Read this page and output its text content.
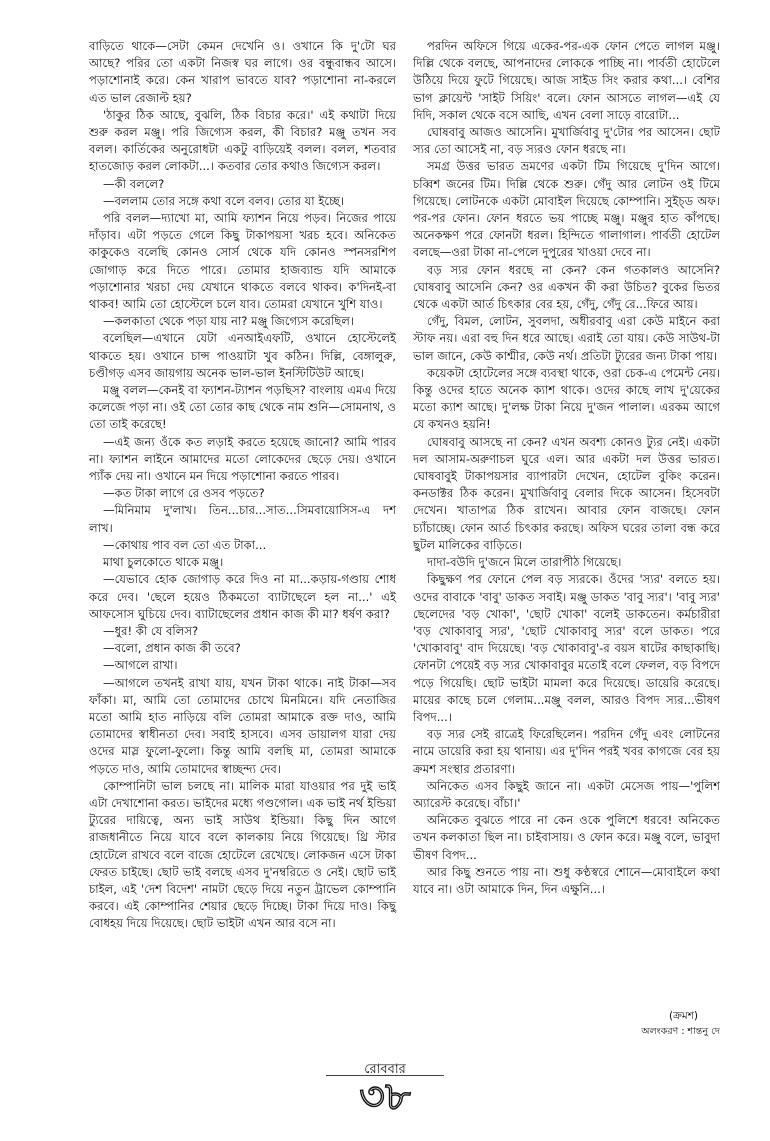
বাড়িতে থাকে—সেটা কেমন দেখেনি ও। ওখানে কি দু'টো ঘর আছে? পরির তো একটা নিজস্ব ঘর লাগে। ওর বন্ধুবান্ধব আসে। পড়াশোনাই করে। কেন খারাপ ভাবতে যাব? পড়াশোনা না-করলে এত ভাল রেজাল্ট হয়?

'ঠাকুর ঠিক আছে, বুঝলি, ঠিক বিচার করে।' এই কথাটা দিয়ে শুরু করল মঞ্জু। পরি জিগ্যেস করল, কী বিচার? মঞ্জু তখন সব বলল। কার্তিকের অনুরোধটা একটু বাড়িয়েই বলল। বলল, শতবার হাতজোড় করল লোকটা...। কতবার তোর কথাও জিগ্যেস করল।

—কী বললে?

—বললাম তোর সঙ্গে কথা বলে বলব। তোর যা ইচ্ছে।

পরি বলল—দ্যাখো মা, আমি ফ্যাশন নিয়ে পড়ব। নিজের পায়ে দাঁড়াব। এটা পড়তে গেলে কিছু টাকাপয়সা খরচ হবে। অনিকেত কাকুকেও বলেছি কোনও সোর্স থেকে যদি কোনও স্পনসরশিপ জোগাড় করে দিতে পারে। তোমার হাজব্যান্ড যদি আমাকে পড়াশোনার খরচা দেয় যেখানে থাকতে বলবে থাকব। ক'দিনই-বা থাকব! আমি তো হোস্টেলে চলে যাব। তোমরা যেখানে খুশি যাও।

—কলকাতা থেকে পড়া যায় না? মঞ্জু জিগ্যেস করেছিল।

বলেছিল—এখানে যেটা এনআইএফটি, ওখানে হোস্টেলেই থাকতে হয়। ওখানে চান্স পাওয়াটা খুব কঠিন। দিল্লি, বেঙ্গালুরু, চণ্ডীগড় এসব জায়গায় অনেক ভাল-ভাল ইনস্টিটিউট আছে।

মঞ্জু বলল—কেনই বা ফ্যাশন-ট্যাশন পড়ছিস? বাংলায় এমএ দিয়ে কলেজে পড়া না। ওই তো তোর কাছ থেকে নাম শুনি—সোমনাথ, ও তো তাই করেছে!

—এই জন্য ওঁকে কত লড়াই করতে হয়েছে জানো? আমি পারব না। ফ্যাশন লাইনে আমাদের মতো লোকেদের ছেড়ে দেয়। ওখানে প্যাঁক দেয় না। ওখানে মন দিয়ে পড়াশোনা করতে পারব।

—কত টাকা লাগে রে ওসব পড়তে?

—মিনিমাম দু'লাখ। তিন...চার...সাত...সিমবায়োসিস-এ দশ লাখ।

—কোথায় পাব বল তো এত টাকা...

মাথা চুলকোতে থাকে মঞ্জু।

—যেভাবে হোক জোগাড় করে দিও না মা...কড়ায়-গণ্ডায় শোধ করে দেব। 'ছেলে হয়েও ঠিকমতো ব্যাটাছেলে হল না...' এই আফসোস ঘুচিয়ে দেব। ব্যাটাছেলের প্রধান কাজ কী মা? ধর্ষণ করা?

—ধুর! কী যে বলিস?

—বলো, প্রধান কাজ কী তবে?

—আগলে রাখা।

—আগলে তখনই রাখা যায়, যখন টাকা থাকে। নাই টাকা—সব ফাঁকা। মা, আমি তো তোমাদের চোখে মিনমিনে। যদি নেতাজির মতো আমি হাত নাড়িয়ে বলি তোমরা আমাকে রক্ত দাও, আমি তোমাদের স্বাধীনতা দেব। সবাই হাসবে। এসব ডায়ালগ যারা দেয় ওদের মাস্ল ফুলো-ফুলো। কিন্তু আমি বলছি মা, তোমরা আমাকে পড়তে দাও, আমি তোমাদের স্বাচ্ছন্দ্য দেব।

কোম্পানিটা ভাল চলছে না। মালিক মারা যাওয়ার পর দুই ভাই এটা দেখাশোনা করত। ভাইদের মধ্যে গণ্ডগোল। এক ভাই নর্থ ইন্ডিয়া ট্যুরের দায়িত্বে, অন্য ভাই সাউথ ইন্ডিয়া। কিছু দিন আগে রাজধানীতে নিয়ে যাবে বলে কালকায় নিয়ে গিয়েছে। থ্রি স্টার হোটেলে রাখবে বলে বাজে হোটেলে রেখেছে। লোকজন এসে টাকা ফেরত চাইছে। ছোট ভাই বলছে এসব দু'নম্বরিতে ও নেই। ছোট ভাই চাইল, এই 'দেশ বিদেশ' নামটা ছেড়ে দিয়ে নতুন ট্রাভেল কোম্পানি করবে। এই কোম্পানির শেয়ার ছেড়ে দিচ্ছে। টাকা দিয়ে দাও। কিছু বোধহয় দিয়ে দিয়েছে। ছোট ভাইটা এখন আর বসে না।

পরদিন অফিসে গিয়ে একের-পর-এক ফোন পেতে লাগল মঞ্জু। দিল্লি থেকে বলছে, আপনাদের লোককে পাচ্ছি না। পার্বতী হোটেলে উঠিয়ে দিয়ে ফুটে গিয়েছে। আজ সাইড সিং করার কথা...। বেশির ভাগ ক্লায়েন্ট 'সাইট সিয়িং' বলে। ফোন আসতে লাগল—এই যে দিদি, সকাল থেকে বসে আছি, এখন বেলা সাড়ে বারোটা...

ঘোষবাবু আজও আসেনি। মুখার্জিবাবু দু'টোর পর আসেন। ছোট স্যর তো আসেই না, বড় স্যরও ফোন ধরছে না।

সমগ্র উত্তর ভারত ভ্রমণের একটা টিম গিয়েছে দু'দিন আগে। চব্বিশ জনের টিম। দিল্লি থেকে শুরু। গেঁদু আর লোটন ওই টিমে গিয়েছে। লোটনকে একটা মোবাইল দিয়েছে কোম্পানি। সুইচ্ড অফ। পর-পর ফোন। ফোন ধরতে ভয় পাচ্ছে মঞ্জু। মঞ্জুর হাত কাঁপছে। অনেকক্ষণ পরে ফোনটা ধরল। হিন্দিতে গালাগাল। পার্বতী হোটেল বলছে—ওরা টাকা না-পেলে দুপুরের খাওয়া দেবে না।

বড় স্যর ফোন ধরছে না কেন? কেন গতকালও আসেনি? ঘোষবাবু আসেনি কেন? ওর একখন কী করা উচিত? বুকের ভিতর থেকে একটা আর্ত চিৎকার বের হয়, গেঁদু, গেঁদু রে...ফিরে আয়।

গেঁদু, বিমল, লোটন, সুবলদা, অধীরবাবু এরা কেউ মাইনে করা স্টাফ নয়। এরা বহু দিন ধরে আছে। এরাই তো যায়। কেউ সাউথ-টা ভাল জানে, কেউ কাশ্মীর, কেউ নর্থ। প্রতিটা ট্যুরের জন্য টাকা পায়।

কয়েকটা হোটেলের সঙ্গে ব্যবস্থা থাকে, ওরা চেক-এ পেমেন্ট নেয়। কিন্তু ওদের হাতে অনেক ক্যাশ থাকে। ওদের কাছে লাখ দু'য়েকের মতো ক্যাশ আছে। দু'লক্ষ টাকা নিয়ে দু'জন পালাল। এরকম আগে যে কখনও হয়নি!

ঘোষবাবু আসছে না কেন? এখন অবশ্য কোনও ট্যুর নেই। একটা দল আসাম-অরুণাচল ঘুরে এল। আর একটা দল উত্তর ভারত। ঘোষবাবুই টাকাপয়সার ব্যাপারটা দেখেন, হোটেল বুকিং করেন। কনডাক্টর ঠিক করেন। মুখার্জিবাবু বেলার দিকে আসেন। হিসেবটা দেখেন। খাতাপত্র ঠিক রাখেন। আবার ফোন বাজছে। ফোন চ্যাঁচাচ্ছে। ফোন আর্ত চিৎকার করছে। অফিস ঘরের তালা বন্ধ করে ছুটল মালিকের বাড়িতে।

দাদা-বউদি দু'জনে মিলে তারাপীঠ গিয়েছে।

কিছুক্ষণ পর ফোনে পেল বড় স্যরকে। ওঁদের 'স্যর' বলতে হয়। ওদের বাবাকে 'বাবু' ডাকত সবাই। মঞ্জু ডাকত 'বাবু স্যর'। 'বাবু স্যর' ছেলেদের 'বড় খোকা', 'ছোট খোকা' বলেই ডাকতেন। কর্মচারীরা 'বড় খোকাবাবু স্যর', 'ছোট খোকাবাবু স্যর' বলে ডাকত। পরে 'খোকাবাবু' বাদ দিয়েছে। 'বড় খোকাবাবু'-র বয়স ষাটের কাছাকাছি। ফোনটা পেয়েই বড় স্যর খোকাবাবুর মতোই বলে ফেলল, বড় বিপদে পড়ে গিয়েছি। ছোট ভাইটা মামলা করে দিয়েছে। ডায়েরি করেছে। মায়ের কাছে চলে গেলাম...মঞ্জু বলল, আরও বিপদ স্যর...ভীষণ বিপদ...।

বড় স্যর সেই রাত্রেই ফিরেছিলেন। পরদিন গেঁদু এবং লোটনের নামে ডায়েরি করা হয় থানায়। এর দু'দিন পরই খবর কাগজে বের হয় ক্রমশ সংস্থার প্রতারণা।

অনিকেত এসব কিছুই জানে না। একটা মেসেজ পায়—'পুলিশ অ্যারেস্ট করেছে। বাঁচা।'

অনিকেত বুঝতে পারে না কেন ওকে পুলিশে ধরবে! অনিকেত তখন কলকাতা ছিল না। চাইবাসায়। ও ফোন করে। মঞ্জু বলে, ভাবুদা ভীষণ বিপদ...

আর কিছু শুনতে পায় না। শুধু কণ্ঠস্বরে শোনে—মোবাইলে কথা যাবে না। ওটা আমাকে দিন, দিন এক্ষুনি...।

(ক্রমশ)
অলংকরণ : শান্তনু দে
রোববার
৩৮
